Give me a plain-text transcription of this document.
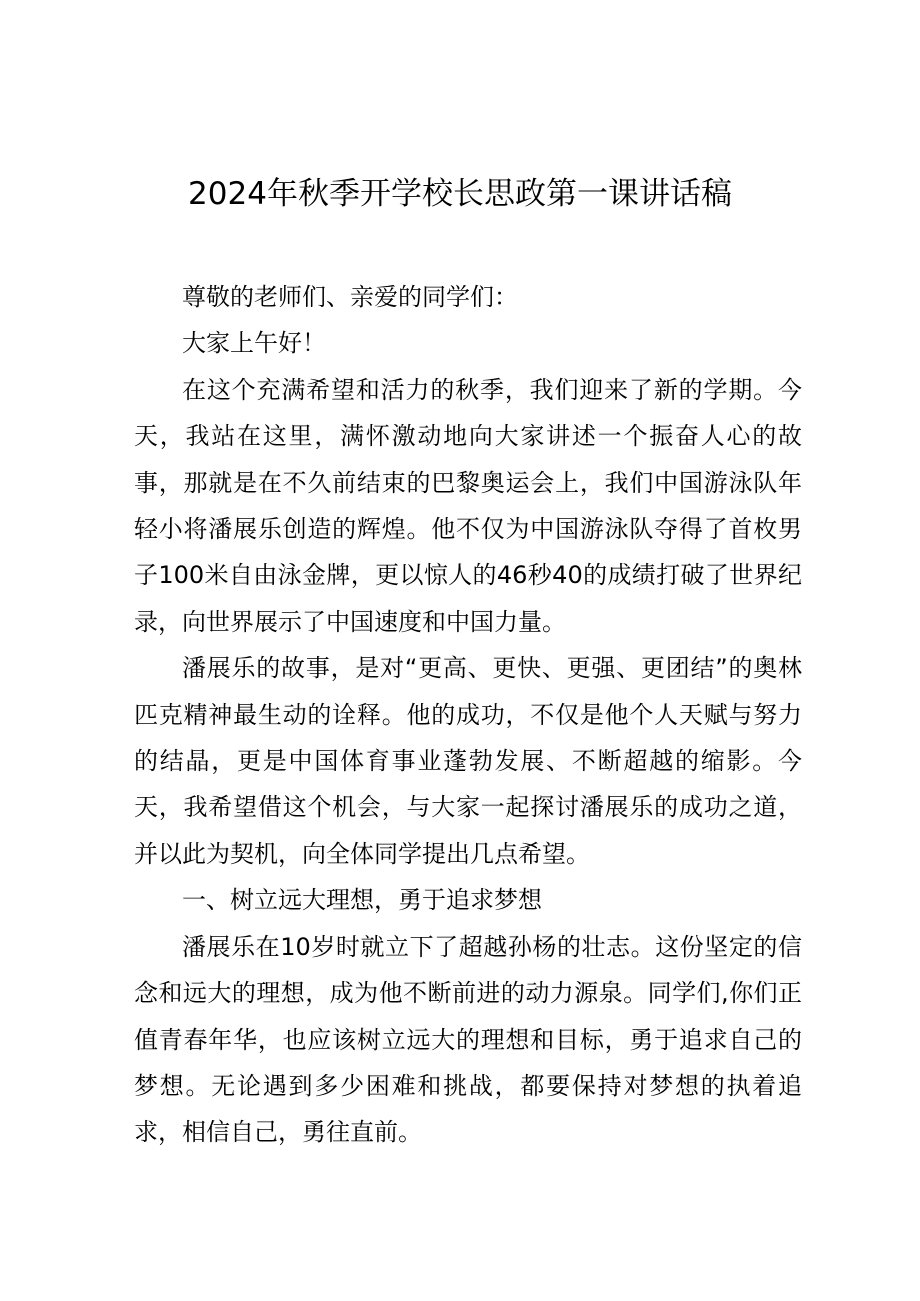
2024年秋季开学校长思政第一课讲话稿

尊敬的老师们、亲爱的同学们：

大家上午好！

在这个充满希望和活力的秋季，我们迎来了新的学期。今天，我站在这里，满怀激动地向大家讲述一个振奋人心的故事，那就是在不久前结束的巴黎奥运会上，我们中国游泳队年轻小将潘展乐创造的辉煌。他不仅为中国游泳队夺得了首枚男子100米自由泳金牌，更以惊人的46秒40的成绩打破了世界纪录，向世界展示了中国速度和中国力量。

潘展乐的故事，是对“更高、更快、更强、更团结”的奥林匹克精神最生动的诠释。他的成功，不仅是他个人天赋与努力的结晶，更是中国体育事业蓬勃发展、不断超越的缩影。今天，我希望借这个机会，与大家一起探讨潘展乐的成功之道，并以此为契机，向全体同学提出几点希望。

一、树立远大理想，勇于追求梦想

潘展乐在10岁时就立下了超越孙杨的壮志。这份坚定的信念和远大的理想，成为他不断前进的动力源泉。同学们,你们正值青春年华，也应该树立远大的理想和目标，勇于追求自己的梦想。无论遇到多少困难和挑战，都要保持对梦想的执着追求，相信自己，勇往直前。
